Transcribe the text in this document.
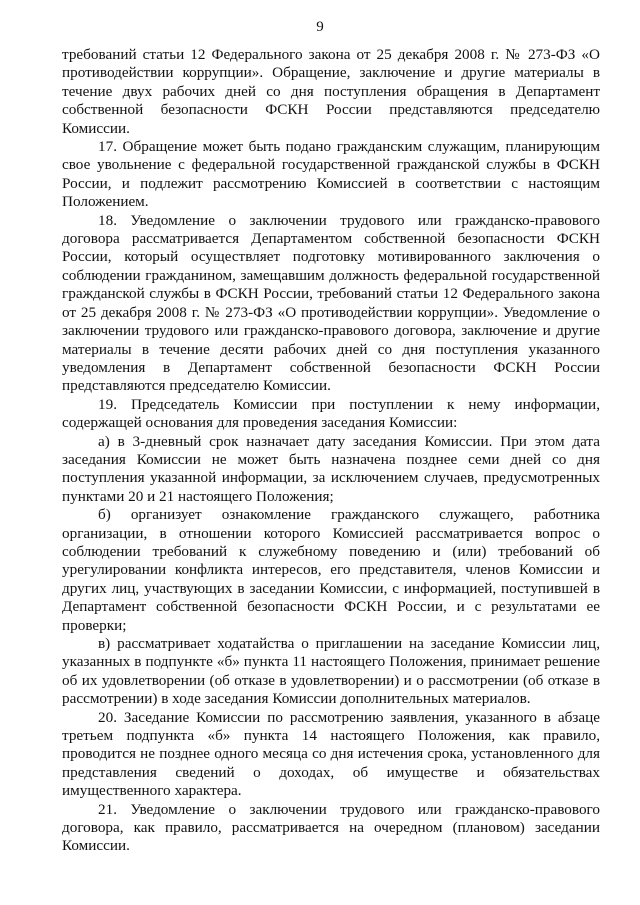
9

требований статьи 12 Федерального закона от 25 декабря 2008 г. № 273-ФЗ «О противодействии коррупции». Обращение, заключение и другие материалы в течение двух рабочих дней со дня поступления обращения в Департамент собственной безопасности ФСКН России представляются председателю Комиссии.

17. Обращение может быть подано гражданским служащим, планирующим свое увольнение с федеральной государственной гражданской службы в ФСКН России, и подлежит рассмотрению Комиссией в соответствии с настоящим Положением.

18. Уведомление о заключении трудового или гражданско-правового договора рассматривается Департаментом собственной безопасности ФСКН России, который осуществляет подготовку мотивированного заключения о соблюдении гражданином, замещавшим должность федеральной государственной гражданской службы в ФСКН России, требований статьи 12 Федерального закона от 25 декабря 2008 г. № 273-ФЗ «О противодействии коррупции». Уведомление о заключении трудового или гражданско-правового договора, заключение и другие материалы в течение десяти рабочих дней со дня поступления указанного уведомления в Департамент собственной безопасности ФСКН России представляются председателю Комиссии.

19. Председатель Комиссии при поступлении к нему информации, содержащей основания для проведения заседания Комиссии:

а) в 3-дневный срок назначает дату заседания Комиссии. При этом дата заседания Комиссии не может быть назначена позднее семи дней со дня поступления указанной информации, за исключением случаев, предусмотренных пунктами 20 и 21 настоящего Положения;

б) организует ознакомление гражданского служащего, работника организации, в отношении которого Комиссией рассматривается вопрос о соблюдении требований к служебному поведению и (или) требований об урегулировании конфликта интересов, его представителя, членов Комиссии и других лиц, участвующих в заседании Комиссии, с информацией, поступившей в Департамент собственной безопасности ФСКН России, и с результатами ее проверки;

в) рассматривает ходатайства о приглашении на заседание Комиссии лиц, указанных в подпункте «б» пункта 11 настоящего Положения, принимает решение об их удовлетворении (об отказе в удовлетворении) и о рассмотрении (об отказе в рассмотрении) в ходе заседания Комиссии дополнительных материалов.

20. Заседание Комиссии по рассмотрению заявления, указанного в абзаце третьем подпункта «б» пункта 14 настоящего Положения, как правило, проводится не позднее одного месяца со дня истечения срока, установленного для представления сведений о доходах, об имуществе и обязательствах имущественного характера.

21. Уведомление о заключении трудового или гражданско-правового договора, как правило, рассматривается на очередном (плановом) заседании Комиссии.
